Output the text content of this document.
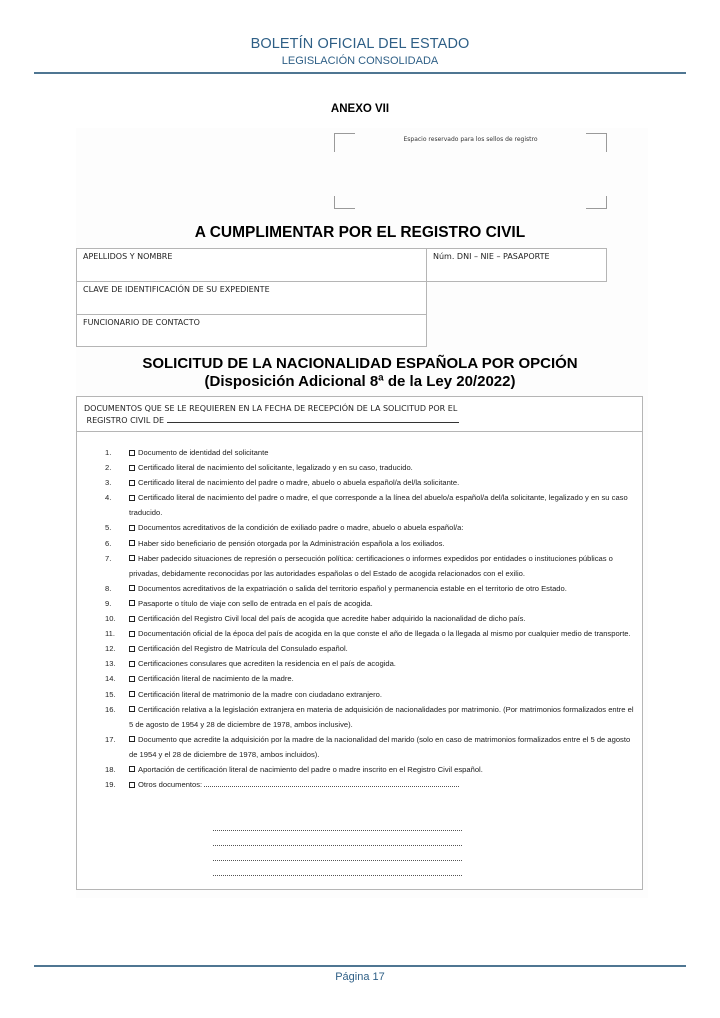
BOLETÍN OFICIAL DEL ESTADO
LEGISLACIÓN CONSOLIDADA
ANEXO VII
Espacio reservado para los sellos de registro
A CUMPLIMENTAR POR EL REGISTRO CIVIL
APELLIDOS Y NOMBRE	Núm. DNI – NIE – PASAPORTE
CLAVE DE IDENTIFICACIÓN DE SU EXPEDIENTE
FUNCIONARIO DE CONTACTO
SOLICITUD DE LA NACIONALIDAD ESPAÑOLA POR OPCIÓN
(Disposición Adicional 8ª de la Ley 20/2022)
DOCUMENTOS QUE SE LE REQUIEREN EN LA FECHA DE RECEPCIÓN DE LA SOLICITUD POR EL
REGISTRO CIVIL DE
1.	Documento de identidad del solicitante
2.	Certificado literal de nacimiento del solicitante, legalizado y en su caso, traducido.
3.	Certificado literal de nacimiento del padre o madre, abuelo o abuela español/a del/la solicitante.
4.	Certificado literal de nacimiento del padre o madre, el que corresponde a la línea del abuelo/a español/a del/la solicitante, legalizado y en su caso traducido.
5.	Documentos acreditativos de la condición de exiliado padre o madre, abuelo o abuela español/a:
6.	Haber sido beneficiario de pensión otorgada por la Administración española a los exiliados.
7.	Haber padecido situaciones de represión o persecución política: certificaciones o informes expedidos por entidades o instituciones públicas o privadas, debidamente reconocidas por las autoridades españolas o del Estado de acogida relacionados con el exilio.
8.	Documentos acreditativos de la expatriación o salida del territorio español y permanencia estable en el territorio de otro Estado.
9.	Pasaporte o título de viaje con sello de entrada en el país de acogida.
10.	Certificación del Registro Civil local del país de acogida que acredite haber adquirido la nacionalidad de dicho país.
11.	Documentación oficial de la época del país de acogida en la que conste el año de llegada o la llegada al mismo por cualquier medio de transporte.
12.	Certificación del Registro de Matrícula del Consulado español.
13.	Certificaciones consulares que acrediten la residencia en el país de acogida.
14.	Certificación literal de nacimiento de la madre.
15.	Certificación literal de matrimonio de la madre con ciudadano extranjero.
16.	Certificación relativa a la legislación extranjera en materia de adquisición de nacionalidades por matrimonio. (Por matrimonios formalizados entre el 5 de agosto de 1954 y 28 de diciembre de 1978, ambos inclusive).
17.	Documento que acredite la adquisición por la madre de la nacionalidad del marido (solo en caso de matrimonios formalizados entre el 5 de agosto de 1954 y el 28 de diciembre de 1978, ambos incluidos).
18.	Aportación de certificación literal de nacimiento del padre o madre inscrito en el Registro Civil español.
19.	Otros documentos:
Página 17
